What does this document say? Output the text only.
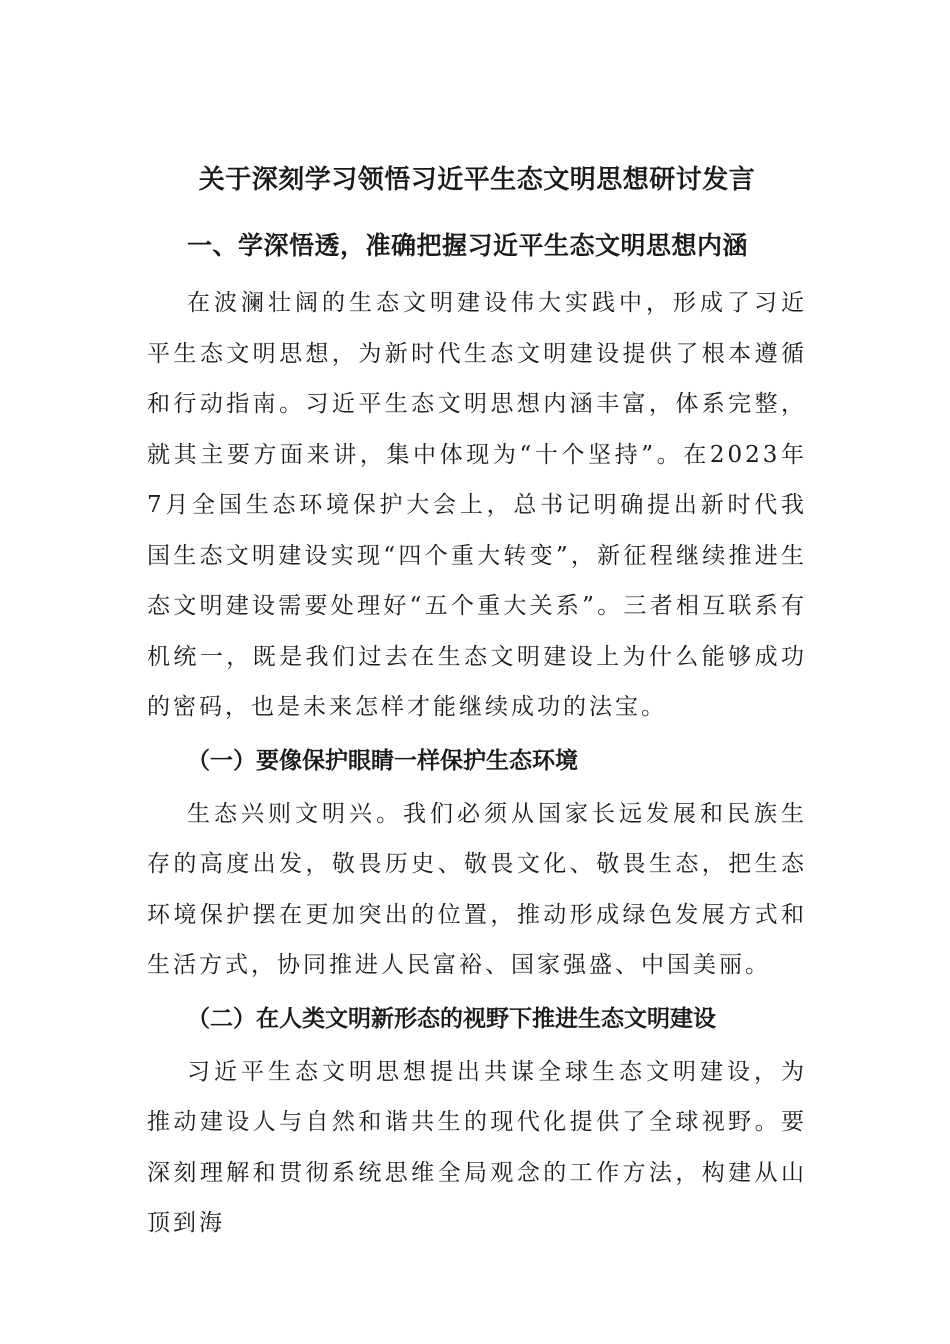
关于深刻学习领悟习近平生态文明思想研讨发言
一、学深悟透，准确把握习近平生态文明思想内涵

在波澜壮阔的生态文明建设伟大实践中，形成了习近平生态文明思想，为新时代生态文明建设提供了根本遵循和行动指南。习近平生态文明思想内涵丰富，体系完整，就其主要方面来讲，集中体现为“十个坚持”。在2023年7月全国生态环境保护大会上，总书记明确提出新时代我国生态文明建设实现“四个重大转变”，新征程继续推进生态文明建设需要处理好“五个重大关系”。三者相互联系有机统一，既是我们过去在生态文明建设上为什么能够成功的密码，也是未来怎样才能继续成功的法宝。

（一）要像保护眼睛一样保护生态环境

生态兴则文明兴。我们必须从国家长远发展和民族生存的高度出发，敬畏历史、敬畏文化、敬畏生态，把生态环境保护摆在更加突出的位置，推动形成绿色发展方式和生活方式，协同推进人民富裕、国家强盛、中国美丽。

（二）在人类文明新形态的视野下推进生态文明建设

习近平生态文明思想提出共谋全球生态文明建设，为推动建设人与自然和谐共生的现代化提供了全球视野。要深刻理解和贯彻系统思维全局观念的工作方法，构建从山顶到海
